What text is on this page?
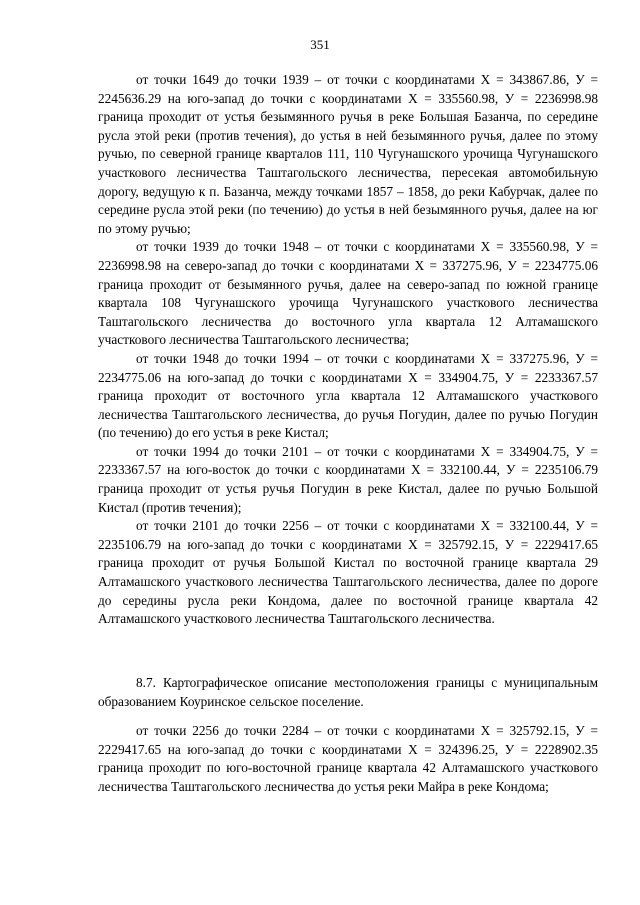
351

от точки 1649 до точки 1939 – от точки с координатами Х = 343867.86, У = 2245636.29 на юго-запад до точки с координатами Х = 335560.98, У = 2236998.98 граница проходит от устья безымянного ручья в реке Большая Базанча, по середине русла этой реки (против течения), до устья в ней безымянного ручья, далее по этому ручью, по северной границе кварталов 111, 110 Чугунашского урочища Чугунашского участкового лесничества Таштагольского лесничества, пересекая автомобильную дорогу, ведущую к п. Базанча, между точками 1857 – 1858, до реки Кабурчак, далее по середине русла этой реки (по течению) до устья в ней безымянного ручья, далее на юг по этому ручью;

от точки 1939 до точки 1948 – от точки с координатами Х = 335560.98, У = 2236998.98 на северо-запад до точки с координатами Х = 337275.96, У = 2234775.06 граница проходит от безымянного ручья, далее на северо-запад по южной границе квартала 108 Чугунашского урочища Чугунашского участкового лесничества Таштагольского лесничества до восточного угла квартала 12 Алтамашского участкового лесничества Таштагольского лесничества;

от точки 1948 до точки 1994 – от точки с координатами Х = 337275.96, У = 2234775.06 на юго-запад до точки с координатами Х = 334904.75, У = 2233367.57 граница проходит от восточного угла квартала 12 Алтамашского участкового лесничества Таштагольского лесничества, до ручья Погудин, далее по ручью Погудин (по течению) до его устья в реке Кистал;

от точки 1994 до точки 2101 – от точки с координатами Х = 334904.75, У = 2233367.57 на юго-восток до точки с координатами Х = 332100.44, У = 2235106.79 граница проходит от устья ручья Погудин в реке Кистал, далее по ручью Большой Кистал (против течения);

от точки 2101 до точки 2256 – от точки с координатами Х = 332100.44, У = 2235106.79 на юго-запад до точки с координатами Х = 325792.15, У = 2229417.65 граница проходит от ручья Большой Кистал по восточной границе квартала 29 Алтамашского участкового лесничества Таштагольского лесничества, далее по дороге до середины русла реки Кондома, далее по восточной границе квартала 42 Алтамашского участкового лесничества Таштагольского лесничества.

8.7. Картографическое описание местоположения границы с муниципальным образованием Коуринское сельское поселение.

от точки 2256 до точки 2284 – от точки с координатами Х = 325792.15, У = 2229417.65 на юго-запад до точки с координатами Х = 324396.25, У = 2228902.35 граница проходит по юго-восточной границе квартала 42 Алтамашского участкового лесничества Таштагольского лесничества до устья реки Майра в реке Кондома;
